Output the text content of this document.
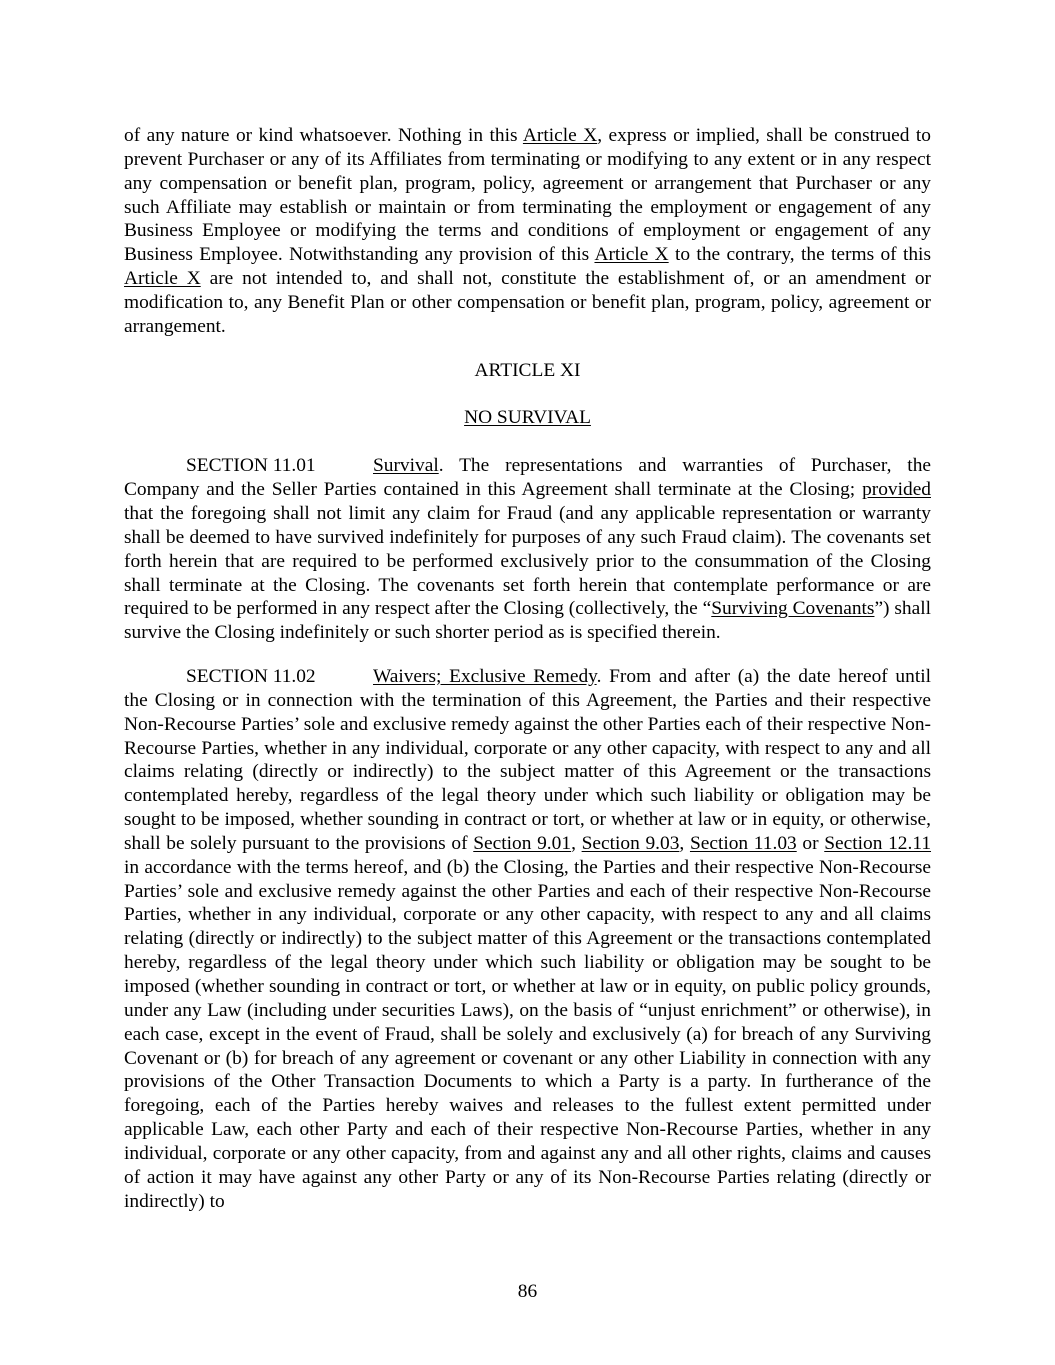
of any nature or kind whatsoever. Nothing in this Article X, express or implied, shall be construed to prevent Purchaser or any of its Affiliates from terminating or modifying to any extent or in any respect any compensation or benefit plan, program, policy, agreement or arrangement that Purchaser or any such Affiliate may establish or maintain or from terminating the employment or engagement of any Business Employee or modifying the terms and conditions of employment or engagement of any Business Employee. Notwithstanding any provision of this Article X to the contrary, the terms of this Article X are not intended to, and shall not, constitute the establishment of, or an amendment or modification to, any Benefit Plan or other compensation or benefit plan, program, policy, agreement or arrangement.

ARTICLE XI

NO SURVIVAL

SECTION 11.01	Survival. The representations and warranties of Purchaser, the Company and the Seller Parties contained in this Agreement shall terminate at the Closing; provided that the foregoing shall not limit any claim for Fraud (and any applicable representation or warranty shall be deemed to have survived indefinitely for purposes of any such Fraud claim). The covenants set forth herein that are required to be performed exclusively prior to the consummation of the Closing shall terminate at the Closing. The covenants set forth herein that contemplate performance or are required to be performed in any respect after the Closing (collectively, the “Surviving Covenants”) shall survive the Closing indefinitely or such shorter period as is specified therein.

SECTION 11.02	Waivers; Exclusive Remedy. From and after (a) the date hereof until the Closing or in connection with the termination of this Agreement, the Parties and their respective Non-Recourse Parties’ sole and exclusive remedy against the other Parties each of their respective Non-Recourse Parties, whether in any individual, corporate or any other capacity, with respect to any and all claims relating (directly or indirectly) to the subject matter of this Agreement or the transactions contemplated hereby, regardless of the legal theory under which such liability or obligation may be sought to be imposed, whether sounding in contract or tort, or whether at law or in equity, or otherwise, shall be solely pursuant to the provisions of Section 9.01, Section 9.03, Section 11.03 or Section 12.11 in accordance with the terms hereof, and (b) the Closing, the Parties and their respective Non-Recourse Parties’ sole and exclusive remedy against the other Parties and each of their respective Non-Recourse Parties, whether in any individual, corporate or any other capacity, with respect to any and all claims relating (directly or indirectly) to the subject matter of this Agreement or the transactions contemplated hereby, regardless of the legal theory under which such liability or obligation may be sought to be imposed (whether sounding in contract or tort, or whether at law or in equity, on public policy grounds, under any Law (including under securities Laws), on the basis of “unjust enrichment” or otherwise), in each case, except in the event of Fraud, shall be solely and exclusively (a) for breach of any Surviving Covenant or (b) for breach of any agreement or covenant or any other Liability in connection with any provisions of the Other Transaction Documents to which a Party is a party. In furtherance of the foregoing, each of the Parties hereby waives and releases to the fullest extent permitted under applicable Law, each other Party and each of their respective Non-Recourse Parties, whether in any individual, corporate or any other capacity, from and against any and all other rights, claims and causes of action it may have against any other Party or any of its Non-Recourse Parties relating (directly or indirectly) to

86
